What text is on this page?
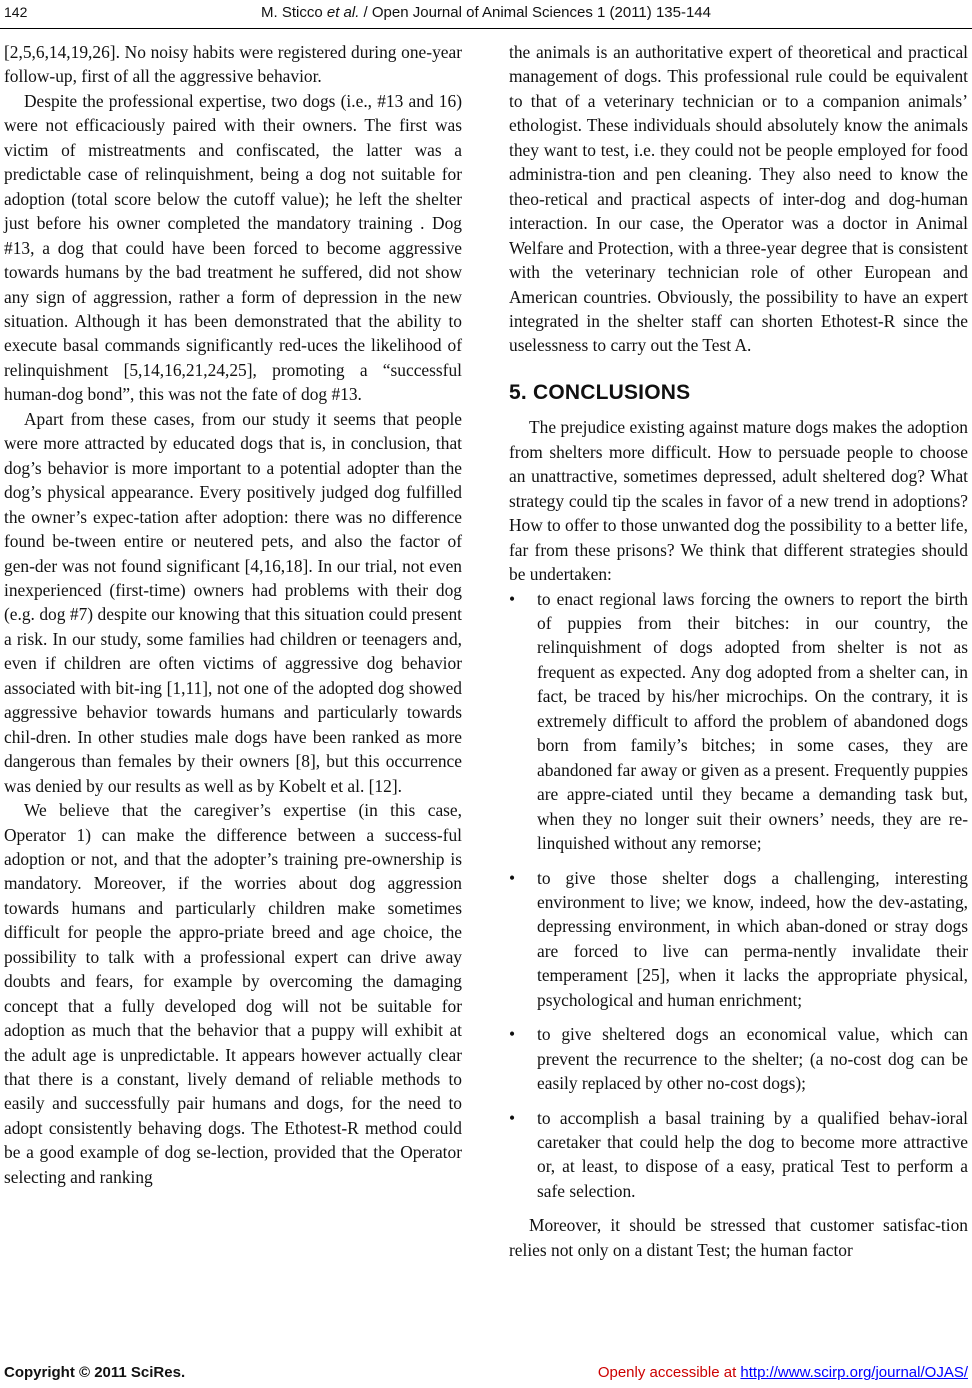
142	M. Sticco et al. / Open Journal of Animal Sciences 1 (2011) 135-144

[2,5,6,14,19,26]. No noisy habits were registered during one-year follow-up, first of all the aggressive behavior.

Despite the professional expertise, two dogs (i.e., #13 and 16) were not efficaciously paired with their owners. The first was victim of mistreatments and confiscated, the latter was a predictable case of relinquishment, being a dog not suitable for adoption (total score below the cutoff value); he left the shelter just before his owner completed the mandatory training . Dog #13, a dog that could have been forced to become aggressive towards humans by the bad treatment he suffered, did not show any sign of aggression, rather a form of depression in the new situation. Although it has been demonstrated that the ability to execute basal commands significantly red-uces the likelihood of relinquishment [5,14,16,21,24,25], promoting a “successful human-dog bond”, this was not the fate of dog #13.

Apart from these cases, from our study it seems that people were more attracted by educated dogs that is, in conclusion, that dog’s behavior is more important to a potential adopter than the dog’s physical appearance. Every positively judged dog fulfilled the owner’s expec-tation after adoption: there was no difference found be-tween entire or neutered pets, and also the factor of gen-der was not found significant [4,16,18]. In our trial, not even inexperienced (first-time) owners had problems with their dog (e.g. dog #7) despite our knowing that this situation could present a risk. In our study, some families had children or teenagers and, even if children are often victims of aggressive dog behavior associated with bit-ing [1,11], not one of the adopted dog showed aggressive behavior towards humans and particularly towards chil-dren. In other studies male dogs have been ranked as more dangerous than females by their owners [8], but this occurrence was denied by our results as well as by Kobelt et al. [12].

We believe that the caregiver’s expertise (in this case, Operator 1) can make the difference between a success-ful adoption or not, and that the adopter’s training pre-ownership is mandatory. Moreover, if the worries about dog aggression towards humans and particularly children make sometimes difficult for people the appro-priate breed and age choice, the possibility to talk with a professional expert can drive away doubts and fears, for example by overcoming the damaging concept that a fully developed dog will not be suitable for adoption as much that the behavior that a puppy will exhibit at the adult age is unpredictable. It appears however actually clear that there is a constant, lively demand of reliable methods to easily and successfully pair humans and dogs, for the need to adopt consistently behaving dogs. The Ethotest-R method could be a good example of dog se-lection, provided that the Operator selecting and ranking

the animals is an authoritative expert of theoretical and practical management of dogs. This professional rule could be equivalent to that of a veterinary technician or to a companion animals’ ethologist. These individuals should absolutely know the animals they want to test, i.e. they could not be people employed for food administra-tion and pen cleaning. They also need to know the theo-retical and practical aspects of inter-dog and dog-human interaction. In our case, the Operator was a doctor in Animal Welfare and Protection, with a three-year degree that is consistent with the veterinary technician role of other European and American countries. Obviously, the possibility to have an expert integrated in the shelter staff can shorten Ethotest-R since the uselessness to carry out the Test A.

5. CONCLUSIONS

The prejudice existing against mature dogs makes the adoption from shelters more difficult. How to persuade people to choose an unattractive, sometimes depressed, adult sheltered dog? What strategy could tip the scales in favor of a new trend in adoptions? How to offer to those unwanted dog the possibility to a better life, far from these prisons? We think that different strategies should be undertaken:

• to enact regional laws forcing the owners to report the birth of puppies from their bitches: in our country, the relinquishment of dogs adopted from shelter is not as frequent as expected. Any dog adopted from a shelter can, in fact, be traced by his/her microchips. On the contrary, it is extremely difficult to afford the problem of abandoned dogs born from family’s bitches; in some cases, they are abandoned far away or given as a present. Frequently puppies are appre-ciated until they became a demanding task but, when they no longer suit their owners’ needs, they are re-linquished without any remorse;
• to give those shelter dogs a challenging, interesting environment to live; we know, indeed, how the dev-astating, depressing environment, in which aban-doned or stray dogs are forced to live can perma-nently invalidate their temperament [25], when it lacks the appropriate physical, psychological and human enrichment;
• to give sheltered dogs an economical value, which can prevent the recurrence to the shelter; (a no-cost dog can be easily replaced by other no-cost dogs);
• to accomplish a basal training by a qualified behav-ioral caretaker that could help the dog to become more attractive or, at least, to dispose of a easy, pratical Test to perform a safe selection.

Moreover, it should be stressed that customer satisfac-tion relies not only on a distant Test; the human factor

Copyright © 2011 SciRes.	Openly accessible at http://www.scirp.org/journal/OJAS/
